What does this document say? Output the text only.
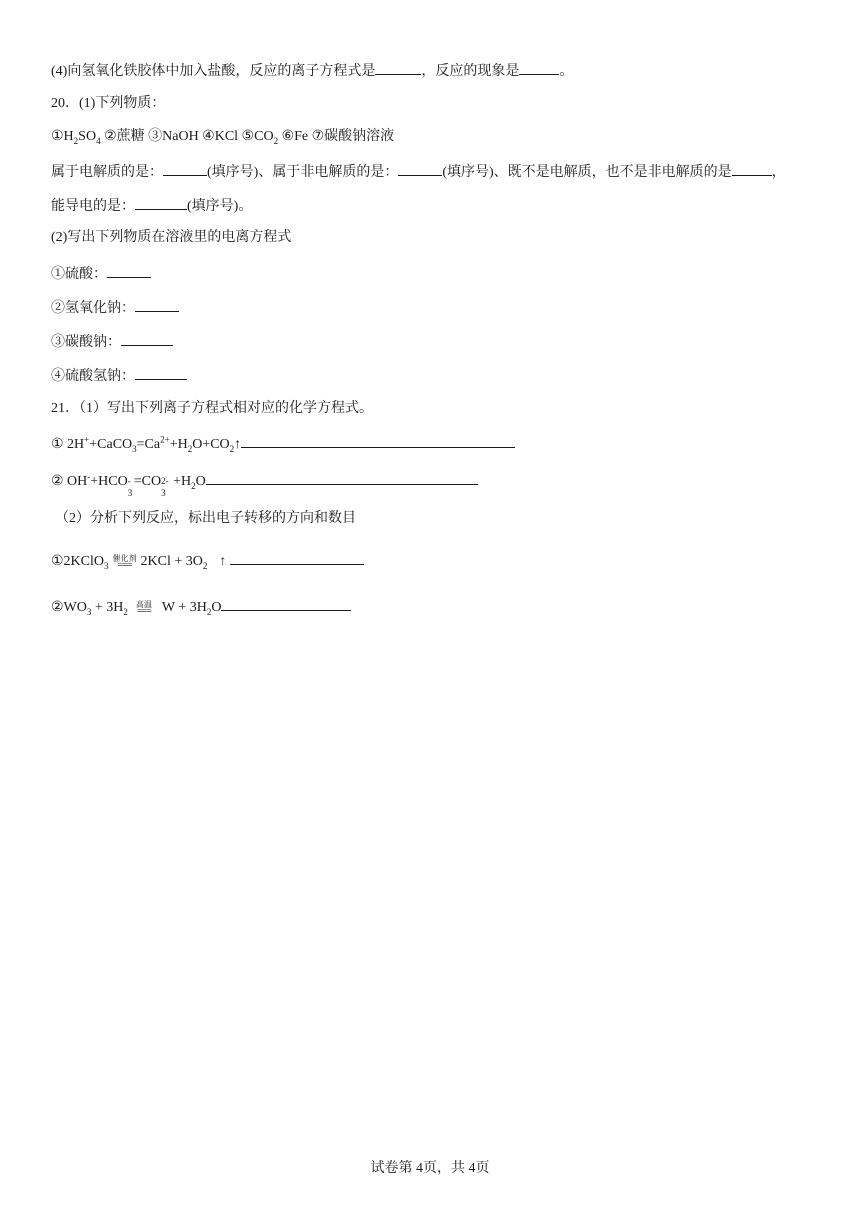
(4)向氢氧化铁胶体中加入盐酸，反应的离子方程式是	，反应的现象是	。
20．(1)下列物质：
$①H_2SO_4$ ②蔗糖 ③NaOH ④KCl $⑤CO_2$ ⑥Fe ⑦碳酸钠溶液
属于电解质的是：	(填序号)、属于非电解质的是：	(填序号)、既不是电解质，也不是非电解质的是	，
能导电的是：	(填序号)。
(2)写出下列物质在溶液里的电离方程式
①硫酸：
②氢氧化钠：
③碳酸钠：
④硫酸氢钠：
21．（1）写出下列离子方程式相对应的化学方程式。
① $2H^++CaCO_3=Ca^{2+}+H_2O+CO_2↑$
② OH-+HCO -
3
=CO 2-
3
$+H_2O$
（2）分析下列反应，标出电子转移的方向和数目
①2KClO$_3$
催化剂
=== $2KCl + 3O_2$ ↑
$②WO_3 + 3H_2$
高温
=== $W + 3H_2O$
试卷第 4页，共 4页
